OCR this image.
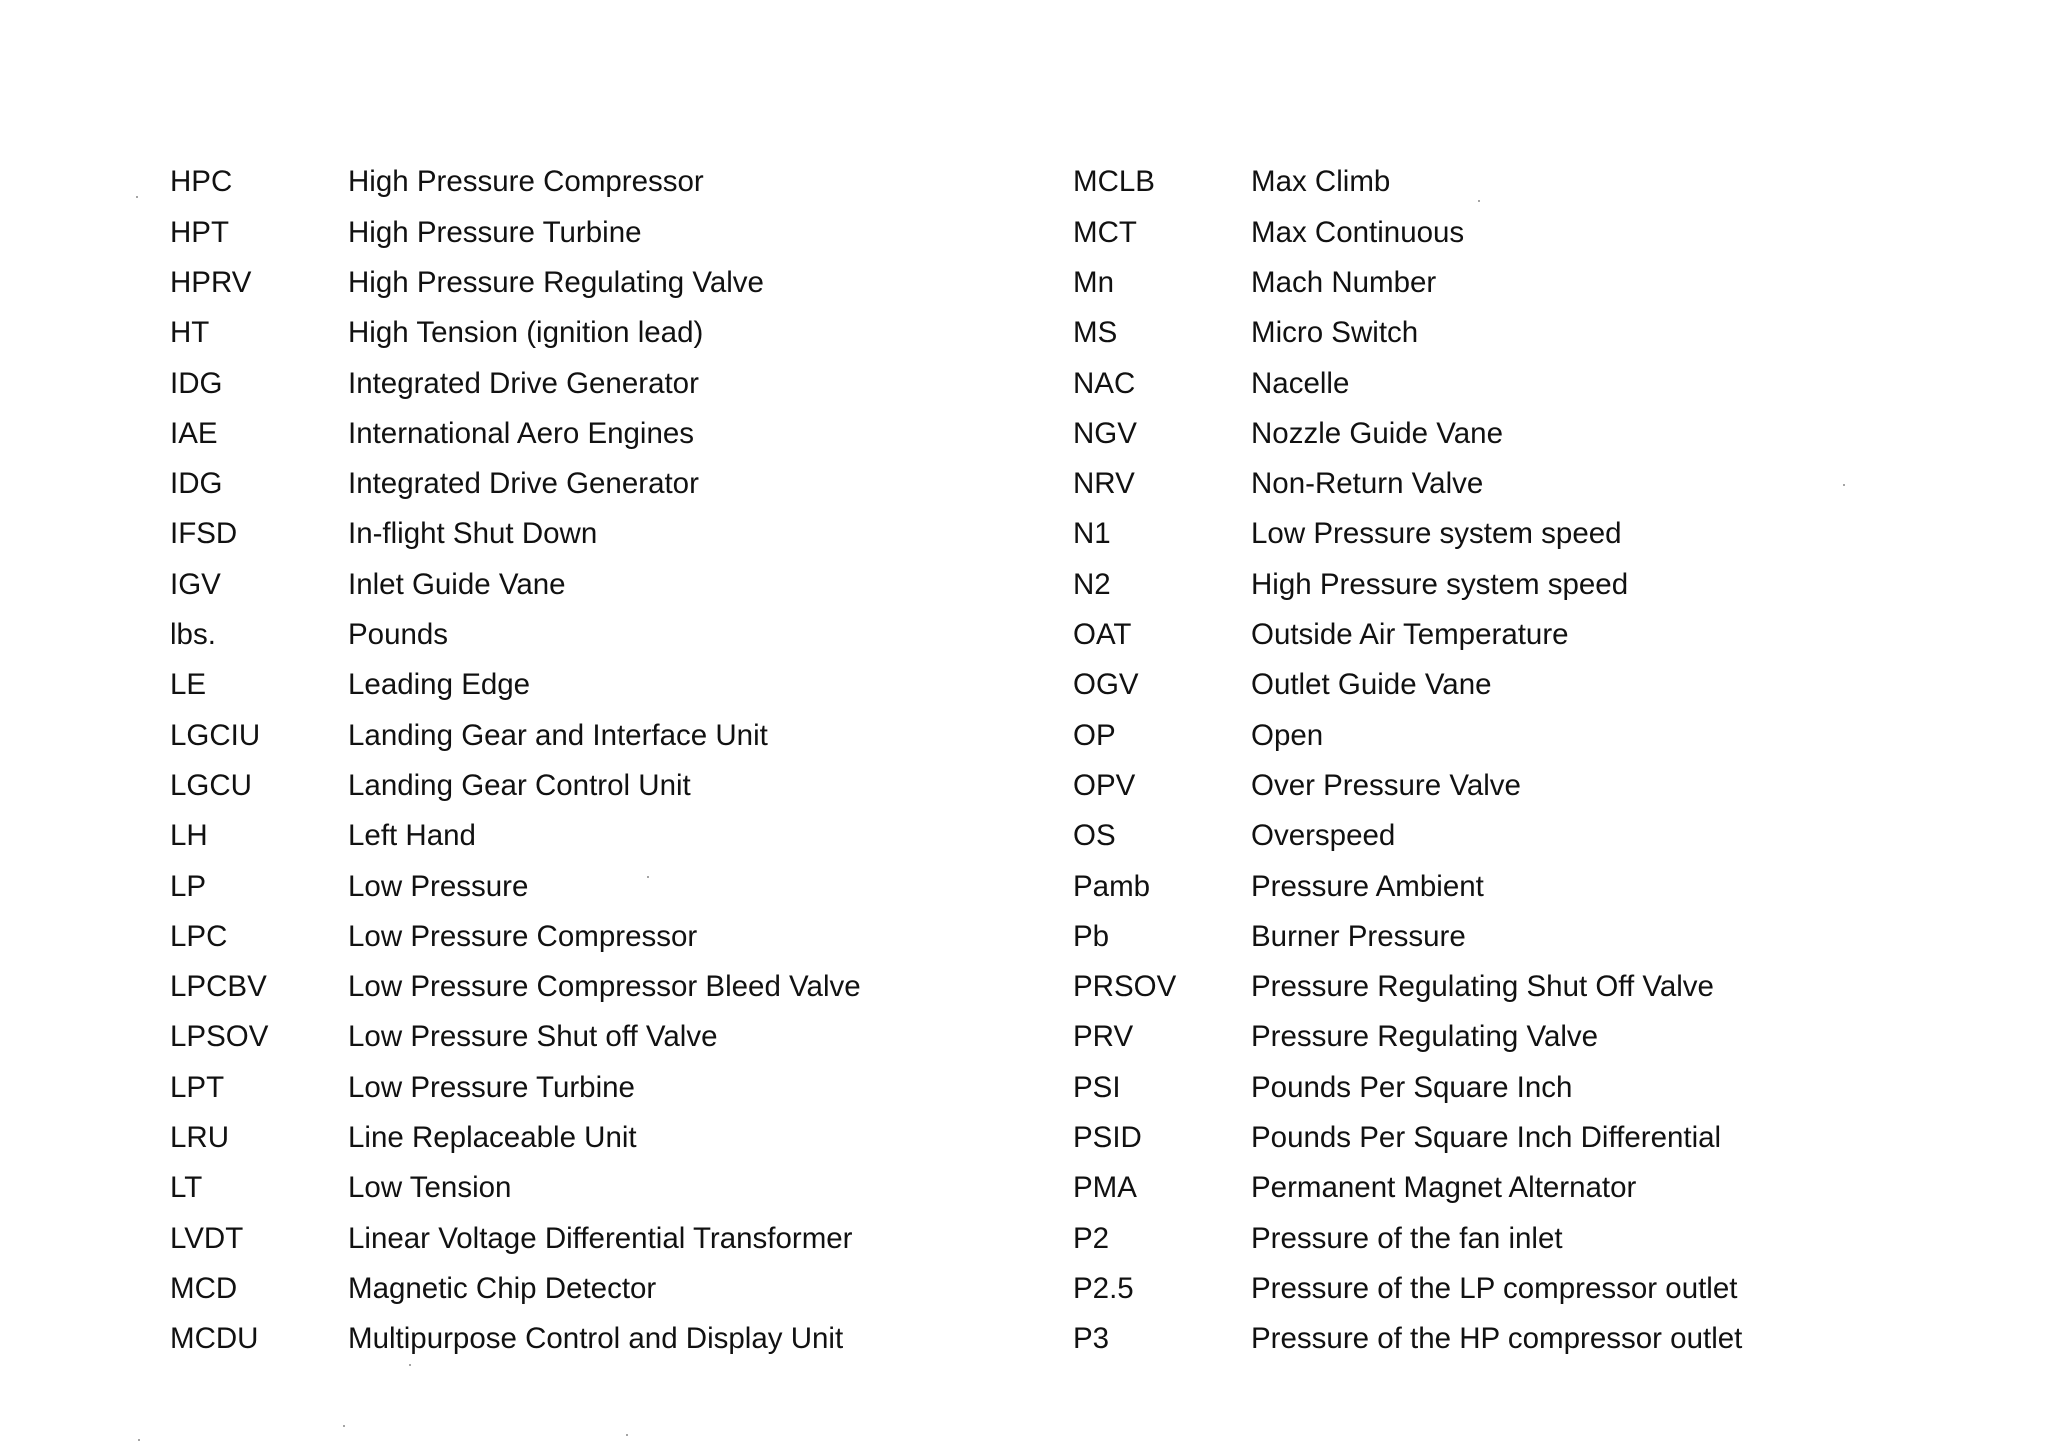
HPC	High Pressure Compressor
HPT	High Pressure Turbine
HPRV	High Pressure Regulating Valve
HT	High Tension (ignition lead)
IDG	Integrated Drive Generator
IAE	International Aero Engines
IDG	Integrated Drive Generator
IFSD	In-flight Shut Down
IGV	Inlet Guide Vane
lbs.	Pounds
LE	Leading Edge
LGCIU	Landing Gear and Interface Unit
LGCU	Landing Gear Control Unit
LH	Left Hand
LP	Low Pressure
LPC	Low Pressure Compressor
LPCBV	Low Pressure Compressor Bleed Valve
LPSOV	Low Pressure Shut off Valve
LPT	Low Pressure Turbine
LRU	Line Replaceable Unit
LT	Low Tension
LVDT	Linear Voltage Differential Transformer
MCD	Magnetic Chip Detector
MCDU	Multipurpose Control and Display Unit
MCLB	Max Climb
MCT	Max Continuous
Mn	Mach Number
MS	Micro Switch
NAC	Nacelle
NGV	Nozzle Guide Vane
NRV	Non-Return Valve
N1	Low Pressure system speed
N2	High Pressure system speed
OAT	Outside Air Temperature
OGV	Outlet Guide Vane
OP	Open
OPV	Over Pressure Valve
OS	Overspeed
Pamb	Pressure Ambient
Pb	Burner Pressure
PRSOV	Pressure Regulating Shut Off Valve
PRV	Pressure Regulating Valve
PSI	Pounds Per Square Inch
PSID	Pounds Per Square Inch Differential
PMA	Permanent Magnet Alternator
P2	Pressure of the fan inlet
P2.5	Pressure of the LP compressor outlet
P3	Pressure of the HP compressor outlet
